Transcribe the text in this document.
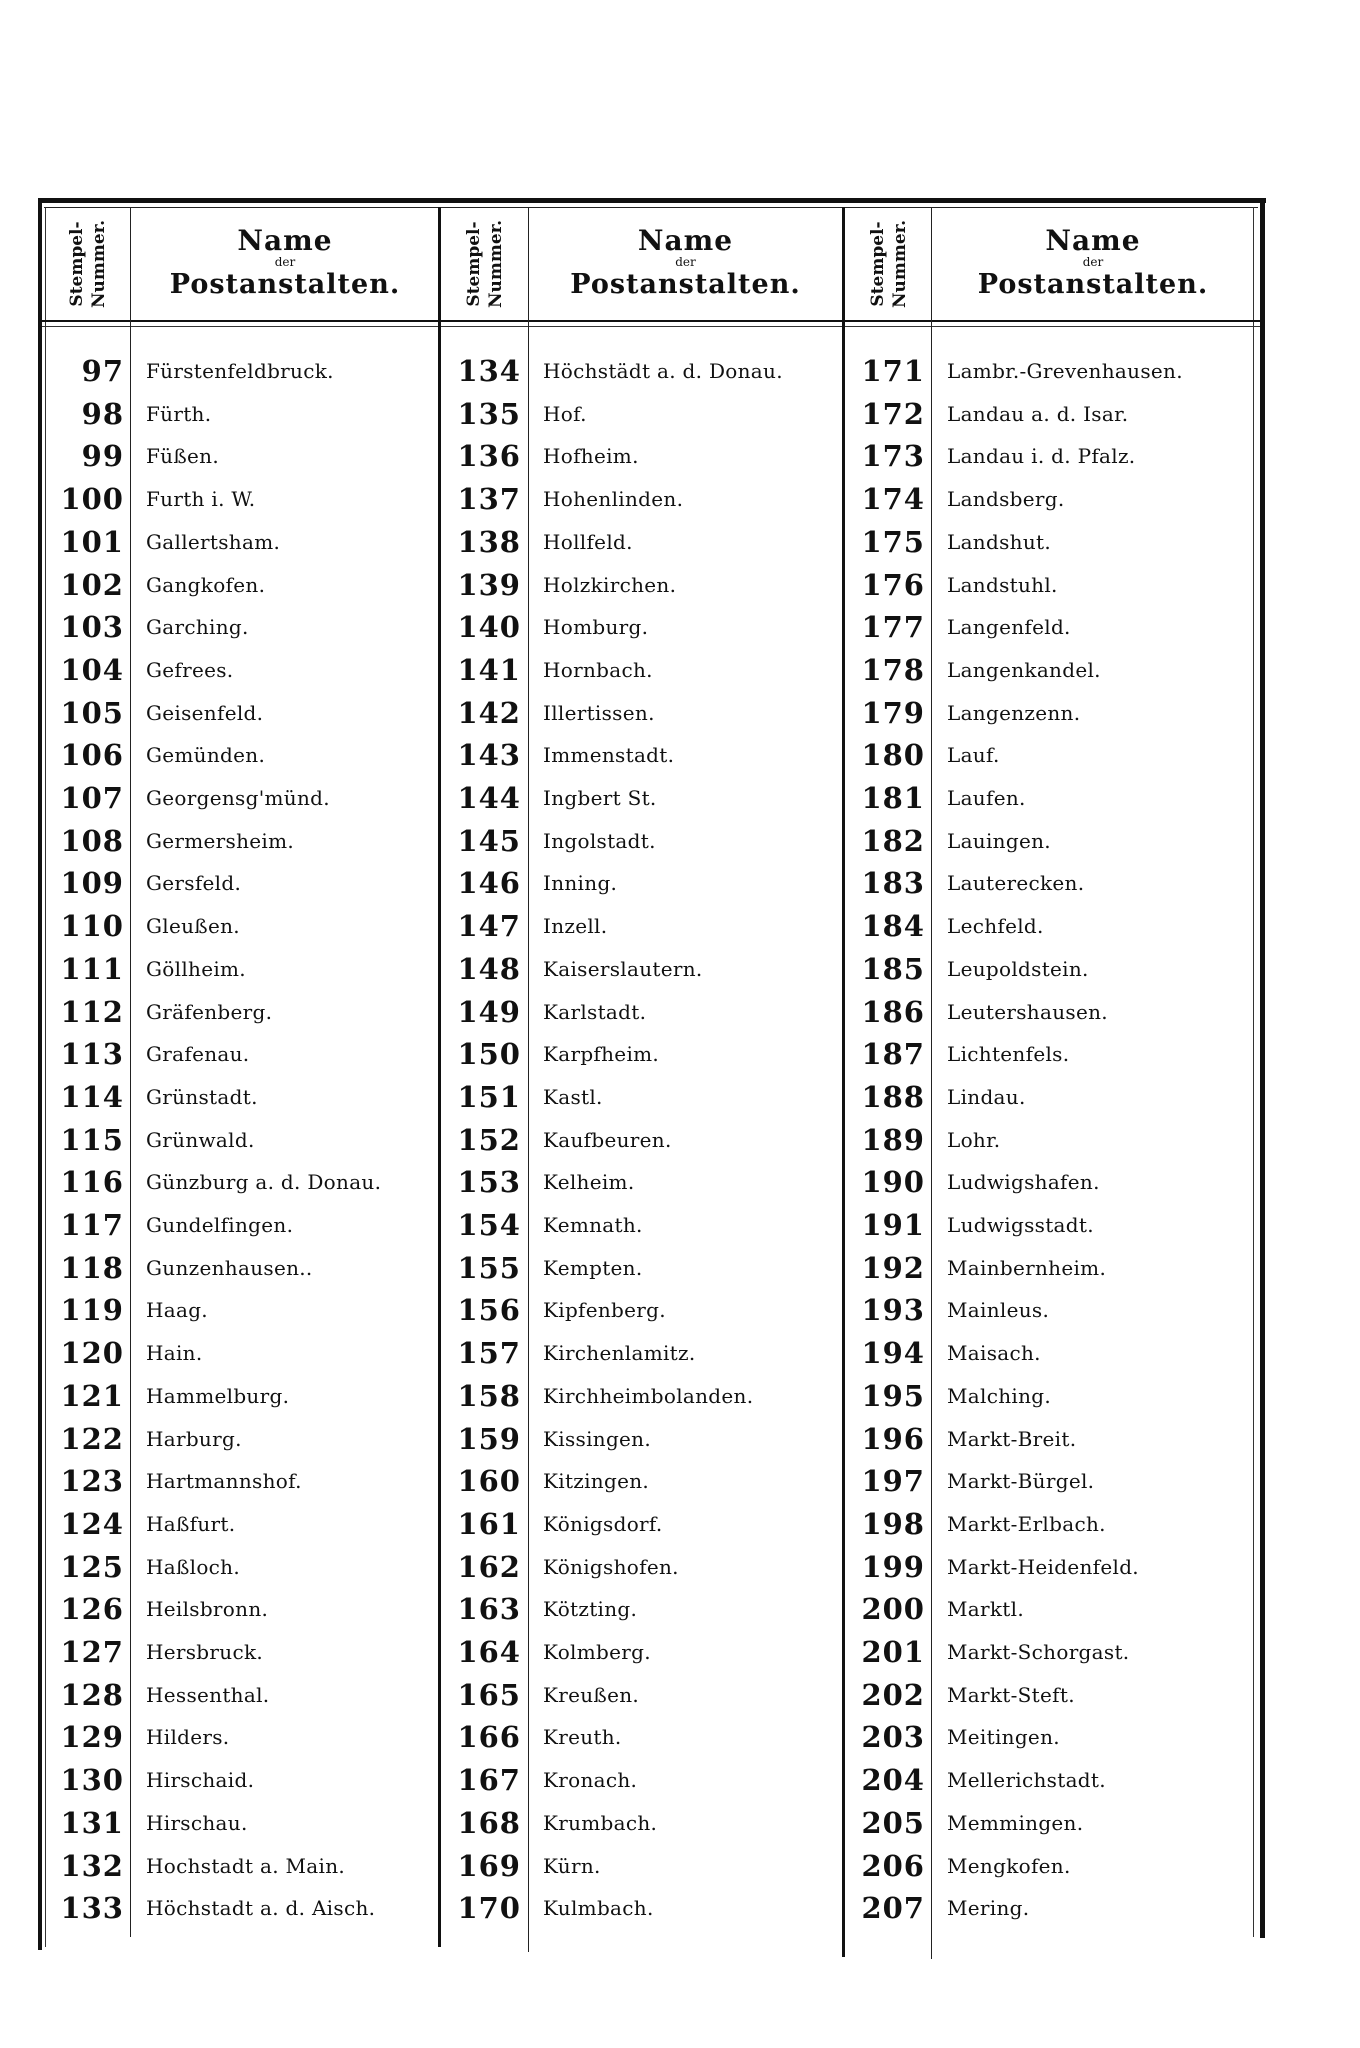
Stempel- Nummer.	Name
der
Postanstalten.
97	Fürstenfeldbruck.
98	Fürth.
99	Füßen.
100	Furth i. W.
101	Gallertsham.
102	Gangkofen.
103	Garching.
104	Gefrees.
105	Geisenfeld.
106	Gemünden.
107	Georgensg'münd.
108	Germersheim.
109	Gersfeld.
110	Gleußen.
111	Göllheim.
112	Gräfenberg.
113	Grafenau.
114	Grünstadt.
115	Grünwald.
116	Günzburg a. d. Donau.
117	Gundelfingen.
118	Gunzenhausen..
119	Haag.
120	Hain.
121	Hammelburg.
122	Harburg.
123	Hartmannshof.
124	Haßfurt.
125	Haßloch.
126	Heilsbronn.
127	Hersbruck.
128	Hessenthal.
129	Hilders.
130	Hirschaid.
131	Hirschau.
132	Hochstadt a. Main.
133	Höchstadt a. d. Aisch.
Stempel- Nummer.	Name
der
Postanstalten.
134	Höchstädt a. d. Donau.
135	Hof.
136	Hofheim.
137	Hohenlinden.
138	Hollfeld.
139	Holzkirchen.
140	Homburg.
141	Hornbach.
142	Illertissen.
143	Immenstadt.
144	Ingbert St.
145	Ingolstadt.
146	Inning.
147	Inzell.
148	Kaiserslautern.
149	Karlstadt.
150	Karpfheim.
151	Kastl.
152	Kaufbeuren.
153	Kelheim.
154	Kemnath.
155	Kempten.
156	Kipfenberg.
157	Kirchenlamitz.
158	Kirchheimbolanden.
159	Kissingen.
160	Kitzingen.
161	Königsdorf.
162	Königshofen.
163	Kötzting.
164	Kolmberg.
165	Kreußen.
166	Kreuth.
167	Kronach.
168	Krumbach.
169	Kürn.
170	Kulmbach.
Stempel- Nummer.	Name
der
Postanstalten.
171	Lambr.-Grevenhausen.
172	Landau a. d. Isar.
173	Landau i. d. Pfalz.
174	Landsberg.
175	Landshut.
176	Landstuhl.
177	Langenfeld.
178	Langenkandel.
179	Langenzenn.
180	Lauf.
181	Laufen.
182	Lauingen.
183	Lauterecken.
184	Lechfeld.
185	Leupoldstein.
186	Leutershausen.
187	Lichtenfels.
188	Lindau.
189	Lohr.
190	Ludwigshafen.
191	Ludwigsstadt.
192	Mainbernheim.
193	Mainleus.
194	Maisach.
195	Malching.
196	Markt-Breit.
197	Markt-Bürgel.
198	Markt-Erlbach.
199	Markt-Heidenfeld.
200	Marktl.
201	Markt-Schorgast.
202	Markt-Steft.
203	Meitingen.
204	Mellerichstadt.
205	Memmingen.
206	Mengkofen.
207	Mering.
